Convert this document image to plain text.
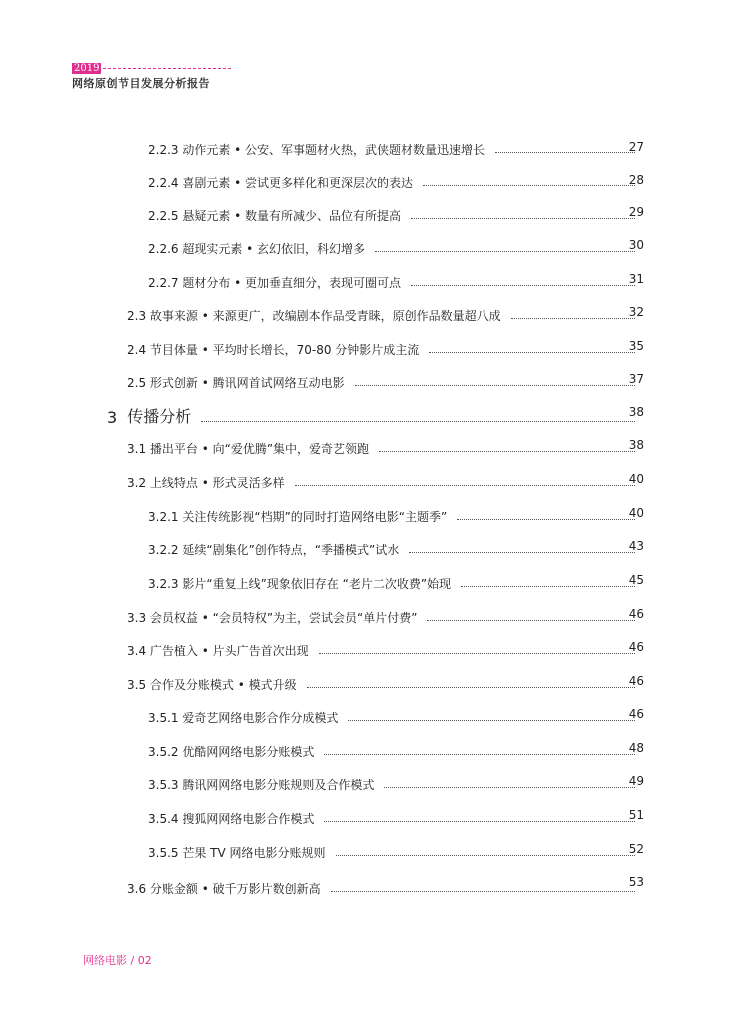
2019
网络原创节目发展分析报告
2.2.3 动作元素 • 公安、军事题材火热，武侠题材数量迅速增长	27
2.2.4 喜剧元素 • 尝试更多样化和更深层次的表达	28
2.2.5 悬疑元素 • 数量有所减少、品位有所提高	29
2.2.6 超现实元素 • 玄幻依旧，科幻增多	30
2.2.7 题材分布 • 更加垂直细分，表现可圈可点	31
2.3 故事来源 • 来源更广，改编剧本作品受青睐，原创作品数量超八成	32
2.4 节目体量 • 平均时长增长，70-80 分钟影片成主流	35
2.5 形式创新 • 腾讯网首试网络互动电影	37
3 传播分析	38
3.1 播出平台 • 向“爱优腾”集中，爱奇艺领跑	38
3.2 上线特点 • 形式灵活多样	40
3.2.1 关注传统影视“档期”的同时打造网络电影“主题季”	40
3.2.2 延续“剧集化”创作特点，“季播模式”试水	43
3.2.3 影片“重复上线”现象依旧存在 “老片二次收费”始现	45
3.3 会员权益 • “会员特权”为主，尝试会员“单片付费”	46
3.4 广告植入 • 片头广告首次出现	46
3.5 合作及分账模式 • 模式升级	46
3.5.1 爱奇艺网络电影合作分成模式	46
3.5.2 优酷网网络电影分账模式	48
3.5.3 腾讯网网络电影分账规则及合作模式	49
3.5.4 搜狐网网络电影合作模式	51
3.5.5 芒果 TV 网络电影分账规则	52
3.6 分账金额 • 破千万影片数创新高	53
网络电影 / 02
